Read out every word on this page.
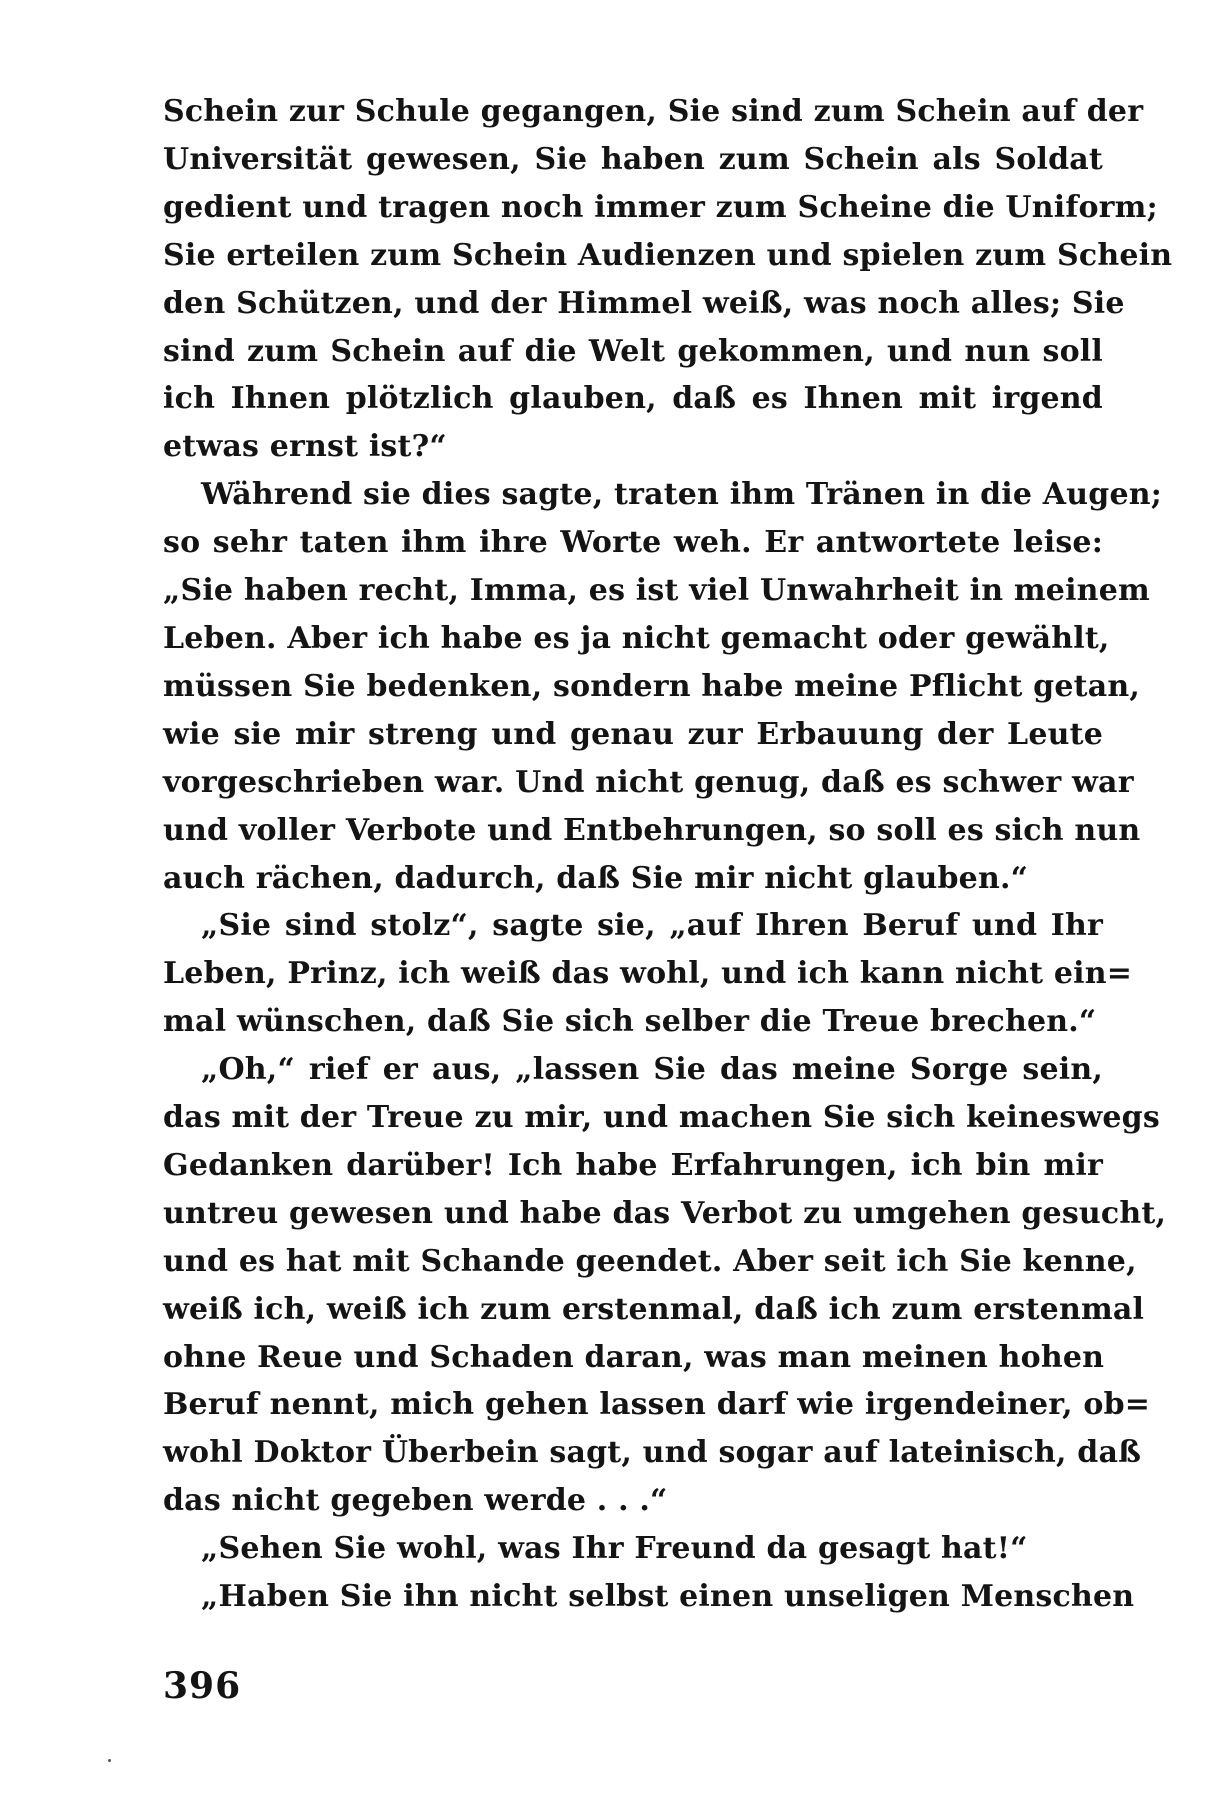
Schein zur Schule gegangen, Sie sind zum Schein auf der
Universität gewesen, Sie haben zum Schein als Soldat
gedient und tragen noch immer zum Scheine die Uniform;
Sie erteilen zum Schein Audienzen und spielen zum Schein
den Schützen, und der Himmel weiß, was noch alles; Sie
sind zum Schein auf die Welt gekommen, und nun soll
ich Ihnen plötzlich glauben, daß es Ihnen mit irgend
etwas ernst ist?“
Während sie dies sagte, traten ihm Tränen in die Augen;
so sehr taten ihm ihre Worte weh. Er antwortete leise:
„Sie haben recht, Imma, es ist viel Unwahrheit in meinem
Leben. Aber ich habe es ja nicht gemacht oder gewählt,
müssen Sie bedenken, sondern habe meine Pflicht getan,
wie sie mir streng und genau zur Erbauung der Leute
vorgeschrieben war. Und nicht genug, daß es schwer war
und voller Verbote und Entbehrungen, so soll es sich nun
auch rächen, dadurch, daß Sie mir nicht glauben.“
„Sie sind stolz“, sagte sie, „auf Ihren Beruf und Ihr
Leben, Prinz, ich weiß das wohl, und ich kann nicht ein=
mal wünschen, daß Sie sich selber die Treue brechen.“
„Oh,“ rief er aus, „lassen Sie das meine Sorge sein,
das mit der Treue zu mir, und machen Sie sich keineswegs
Gedanken darüber! Ich habe Erfahrungen, ich bin mir
untreu gewesen und habe das Verbot zu umgehen gesucht,
und es hat mit Schande geendet. Aber seit ich Sie kenne,
weiß ich, weiß ich zum erstenmal, daß ich zum erstenmal
ohne Reue und Schaden daran, was man meinen hohen
Beruf nennt, mich gehen lassen darf wie irgendeiner, ob=
wohl Doktor Überbein sagt, und sogar auf lateinisch, daß
das nicht gegeben werde . . .“
„Sehen Sie wohl, was Ihr Freund da gesagt hat!“
„Haben Sie ihn nicht selbst einen unseligen Menschen
396
